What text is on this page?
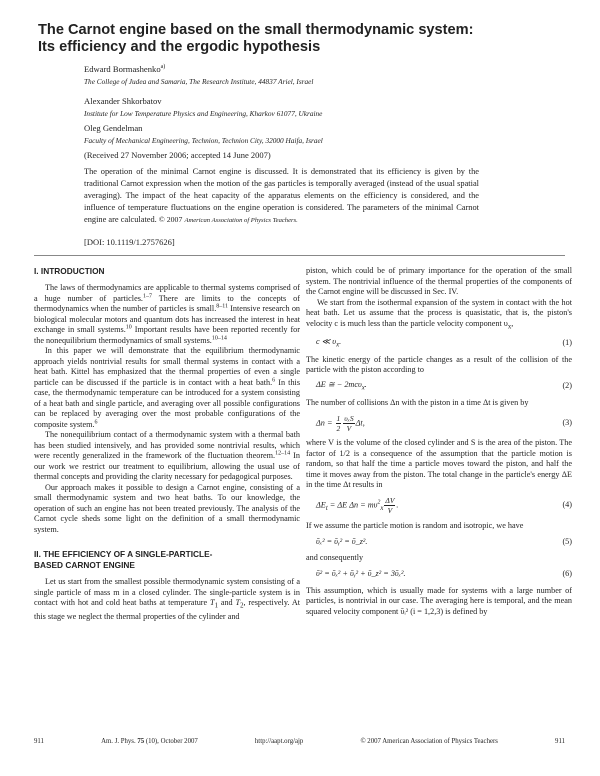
The Carnot engine based on the small thermodynamic system:
Its efficiency and the ergodic hypothesis
Edward Bormashenko$^{a)}$
The College of Judea and Samaria, The Research Institute, 44837 Ariel, Israel
Alexander Shkorbatov
Institute for Low Temperature Physics and Engineering, Kharkov 61077, Ukraine
Oleg Gendelman
Faculty of Mechanical Engineering, Technion, Technion City, 32000 Haifa, Israel
(Received 27 November 2006; accepted 14 June 2007)
The operation of the minimal Carnot engine is discussed. It is demonstrated that its efficiency is given by the traditional Carnot expression when the motion of the gas particles is temporally averaged (instead of the usual spatial averaging). The impact of the heat capacity of the apparatus elements on the efficiency is considered, and the influence of temperature fluctuations on the engine operation is considered. The parameters of the minimal Carnot engine are calculated. © 2007 American Association of Physics Teachers.
[DOI: 10.1119/1.2757626]
I. INTRODUCTION

The laws of thermodynamics are applicable to thermal systems comprised of a huge number of particles.$^{1-7}$ There are limits to the concepts of thermodynamics when the number of particles is small.$^{8-11}$ Intensive research on biological molecular motors and quantum dots has increased the interest in heat exchange in small systems.$^{10}$ Important results have been reported recently for the nonequilibrium thermodynamics of small systems.$^{10-14}$

In this paper we will demonstrate that the equilibrium thermodynamic approach yields nontrivial results for small thermal systems in contact with a heat bath. Kittel has emphasized that the thermal properties of even a single particle can be discussed if the particle is in contact with a heat bath.$^6$ In this case, the thermodynamic temperature can be introduced for a system consisting of a heat bath and single particle, and averaging over all possible configurations can be replaced by averaging over the most probable configurations of the composite system.$^6$

The nonequilibrium contact of a thermodynamic system with a thermal bath has been studied intensively, and has provided some nontrivial results, which were recently generalized in the framework of the fluctuation theorem.$^{12-14}$ In our work we restrict our treatment to equilibrium, allowing the usual use of thermal concepts and providing the clarity necessary for pedagogical purposes.

Our approach makes it possible to design a Carnot engine, consisting of a small thermodynamic system and two heat baths. To our knowledge, the operation of such an engine has not been treated previously. The analysis of the Carnot cycle sheds some light on the definition of a small thermodynamic system.

II. THE EFFICIENCY OF A SINGLE-PARTICLE-
BASED CARNOT ENGINE

Let us start from the smallest possible thermodynamic system consisting of a single particle of mass m in a closed cylinder. The single-particle system is in contact with hot and cold heat baths at temperature $T_1$ and $T_2$, respectively. At this stage we neglect the thermal properties of the cylinder and

piston, which could be of primary importance for the operation of the small system. The nontrivial influence of the thermal properties of the components of the Carnot engine will be discussed in Sec. IV.

We start from the isothermal expansion of the system in contact with the hot heat bath. Let us assume that the process is quasistatic, that is, the piston's velocity c is much less than the particle velocity component $\upsilon_x$,

c ≪ $\upsilon_x$.	(1)

The kinetic energy of the particle changes as a result of the collision of the particle with the piston according to

ΔE ≅ − 2mcυ$_x$.	(2)

The number of collisions Δn with the piston in a time Δt is given by

$\Delta n = \frac{1}{2} \frac{\text{υₓS}}{V} \Delta t$,	(3)

where V is the volume of the closed cylinder and S is the area of the piston. The factor of 1/2 is a consequence of the assumption that the particle motion is random, so that half the time a particle moves toward the piston, and half the time it moves away from the piston. The total change in the particle's energy ΔE in the time Δt results in

$\Delta E_t = \Delta E$ $\Delta n = m\upsilon^2_x \frac{\Delta V}{V}$ .	(4)

If we assume the particle motion is random and isotropic, we have

ῡₓ² = ῡᵧ² = ῡ_z².	(5)

and consequently

ῡ² = ῡₓ² + ῡᵧ² + ῡ_z² = 3ῡₓ².	(6)

This assumption, which is usually made for systems with a large number of particles, is nontrivial in our case. The averaging here is temporal, and the mean squared velocity component ῡᵢ² (i = 1,2,3) is defined by

911	Am. J. Phys. 75 (10), October 2007	http://aapt.org/ajp	© 2007 American Association of Physics Teachers	911
